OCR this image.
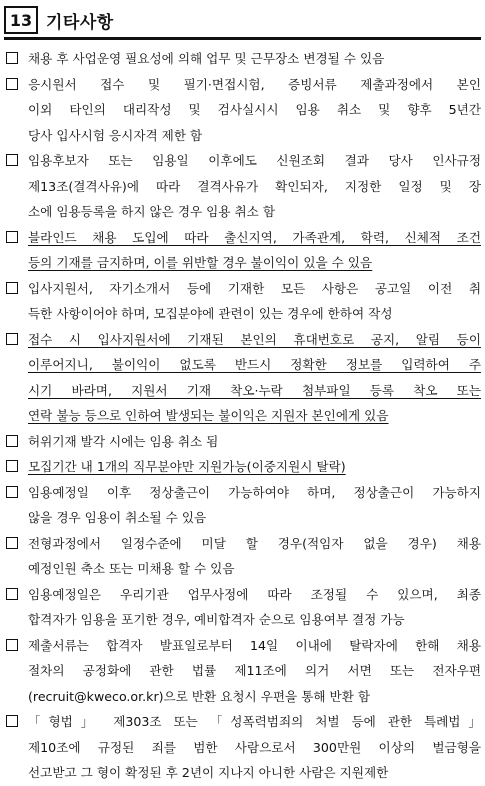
13 기타사항
채용 후 사업운영 필요성에 의해 업무 및 근무장소 변경될 수 있음
응시원서 접수 및 필기·면접시험, 증빙서류 제출과정에서 본인
이외 타인의 대리작성 및 검사실시시 임용 취소 및 향후 5년간
당사 입사시험 응시자격 제한 함
임용후보자 또는 임용일 이후에도 신원조회 결과 당사 인사규정
제13조(결격사유)에 따라 결격사유가 확인되자, 지정한 일정 및 장
소에 임용등록을 하지 않은 경우 임용 취소 함
블라인드 채용 도입에 따라 출신지역, 가족관계, 학력, 신체적 조건
등의 기재를 금지하며, 이를 위반할 경우 불이익이 있을 수 있음
입사지원서, 자기소개서 등에 기재한 모든 사항은 공고일 이전 취
득한 사항이어야 하며, 모집분야에 관련이 있는 경우에 한하여 작성
접수 시 입사지원서에 기재된 본인의 휴대번호로 공지, 알림 등이
이루어지니, 불이익이 없도록 반드시 정확한 정보를 입력하여 주
시기 바라며, 지원서 기재 착오·누락 첨부파일 등록 착오 또는
연락 불능 등으로 인하여 발생되는 불이익은 지원자 본인에게 있음
허위기재 발각 시에는 임용 취소 됨
모집기간 내 1개의 직무분야만 지원가능(이중지원시 탈락)
임용예정일 이후 정상출근이 가능하여야 하며, 정상출근이 가능하지
않을 경우 임용이 취소될 수 있음
전형과정에서 일정수준에 미달 할 경우(적임자 없을 경우) 채용
예정인원 축소 또는 미채용 할 수 있음
임용예정일은 우리기관 업무사정에 따라 조정될 수 있으며, 최종
합격자가 임용을 포기한 경우, 예비합격자 순으로 임용여부 결정 가능
제출서류는 합격자 발표일로부터 14일 이내에 탈락자에 한해 채용
절차의 공정화에 관한 법률 제11조에 의거 서면 또는 전자우편
(recruit@kweco.or.kr)으로 반환 요청시 우편을 통해 반환 함
「형법」 제303조 또는 「성폭력범죄의 처벌 등에 관한 특례법」
제10조에 규정된 죄를 범한 사람으로서 300만원 이상의 벌금형을
선고받고 그 형이 확정된 후 2년이 지나지 아니한 사람은 지원제한
